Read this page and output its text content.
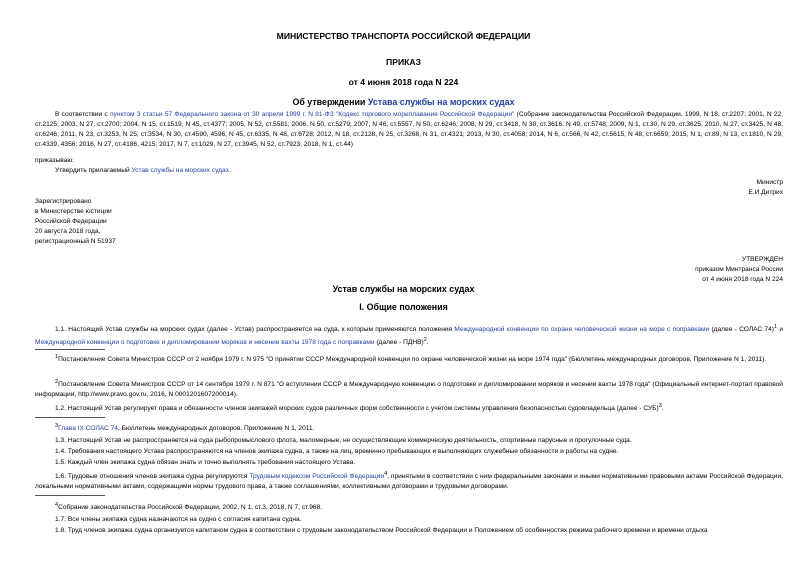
МИНИСТЕРСТВО ТРАНСПОРТА РОССИЙСКОЙ ФЕДЕРАЦИИ
ПРИКАЗ
от 4 июня 2018 года N 224
Об утверждении Устава службы на морских судах
В соответствии с пунктом 3 статьи 57 Федерального закона от 30 апреля 1999 г. N 81-ФЗ "Кодекс торгового мореплавания Российской Федерации" (Собрание законодательства Российской Федерации, 1999, N 18, ст.2207; 2001, N 22, ст.2125; 2003, N 27, ст.2700; 2004, N 15, ст.1519, N 45, ст.4377; 2005, N 52, ст.5581; 2006, N 50, ст.5279; 2007, N 46, ст.5557, N 50, ст.6246; 2008, N 29, ст.3418, N 30, ст.3616, N 49, ст.5748; 2009, N 1, ст.30, N 29, ст.3625; 2010, N 27, ст.3425, N 48, ст.6246; 2011, N 23, ст.3253, N 25, ст.3534, N 30, ст.4590, 4596, N 45, ст.6335, N 48, ст.6728; 2012, N 18, ст.2128, N 25, ст.3268, N 31, ст.4321; 2013, N 30, ст.4058; 2014, N 6, ст.566, N 42, ст.5615, N 48, ст.6659; 2015, N 1, ст.89, N 13, ст.1810, N 29, ст.4339, 4356; 2016, N 27, ст.4186, 4215; 2017, N 7, ст.1029, N 27, ст.3945, N 52, ст.7923; 2018, N 1, ст.44)
приказываю:
Утвердить прилагаемый Устав службы на морских судах.
Министр
Е.И.Дитрих
Зарегистрировано
в Министерстве юстиции
Российской Федерации
20 августа 2018 года,
регистрационный N 51937
УТВЕРЖДЕН
приказом Минтранса России
от 4 июня 2018 года N 224
Устав службы на морских судах
I. Общие положения
1.1. Настоящий Устав службы на морских судах (далее - Устав) распространяется на суда, к которым применяются положения Международной конвенции по охране человеческой жизни на море с поправками (далее - СОЛАС 74)$^1$ и Международной конвенции о подготовке и дипломировании моряков и несении вахты 1978 года с поправками (далее - ПДНВ)$^2$.
$^1$Постановление Совета Министров СССР от 2 ноября 1979 г. N 975 "О принятии СССР Международной конвенции по охране человеческой жизни на море 1974 года" (Бюллетень международных договоров, Приложение N 1, 2011).
$^2$Постановление Совета Министров СССР от 14 сентября 1979 г. N 871 "О вступлении СССР в Международную конвенцию о подготовке и дипломировании моряков и несении вахты 1978 года" (Официальный интернет-портал правовой информации, http://www.pravo.gov.ru, 2016, N 0001201607200014).
1.2. Настоящий Устав регулирует права и обязанности членов экипажей морских судов различных форм собственности с учетом системы управления безопасностью судовладельца (далее - СУБ)$^3$.
$^3$Глава IX СОЛАС 74, Бюллетень международных договоров, Приложение N 1, 2011.
1.3. Настоящий Устав не распространяется на суда рыбопромыслового флота, маломерные, не осуществляющие коммерческую деятельность, спортивные парусные и прогулочные суда.
1.4. Требования настоящего Устава распространяются на членов экипажа судна, а также на лиц, временно пребывающих и выполняющих служебные обязанности и работы на судне.
1.5. Каждый член экипажа судна обязан знать и точно выполнять требования настоящего Устава.
1.6. Трудовые отношения членов экипажа судна регулируются Трудовым кодексом Российской Федерации$^4$, принятыми в соответствии с ним федеральными законами и иными нормативными правовыми актами Российской Федерации, локальными нормативными актами, содержащими нормы трудового права, а также соглашениями, коллективными договорами и трудовыми договорами.
$^4$Собрание законодательства Российской Федерации, 2002, N 1, ст.3, 2018, N 7, ст.968.
1.7. Все члены экипажа судна назначаются на судно с согласия капитана судна.
1.8. Труд членов экипажа судна организуется капитаном судна в соответствии с трудовым законодательством Российской Федерации и Положением об особенностях режима рабочего времени и времени отдыха
